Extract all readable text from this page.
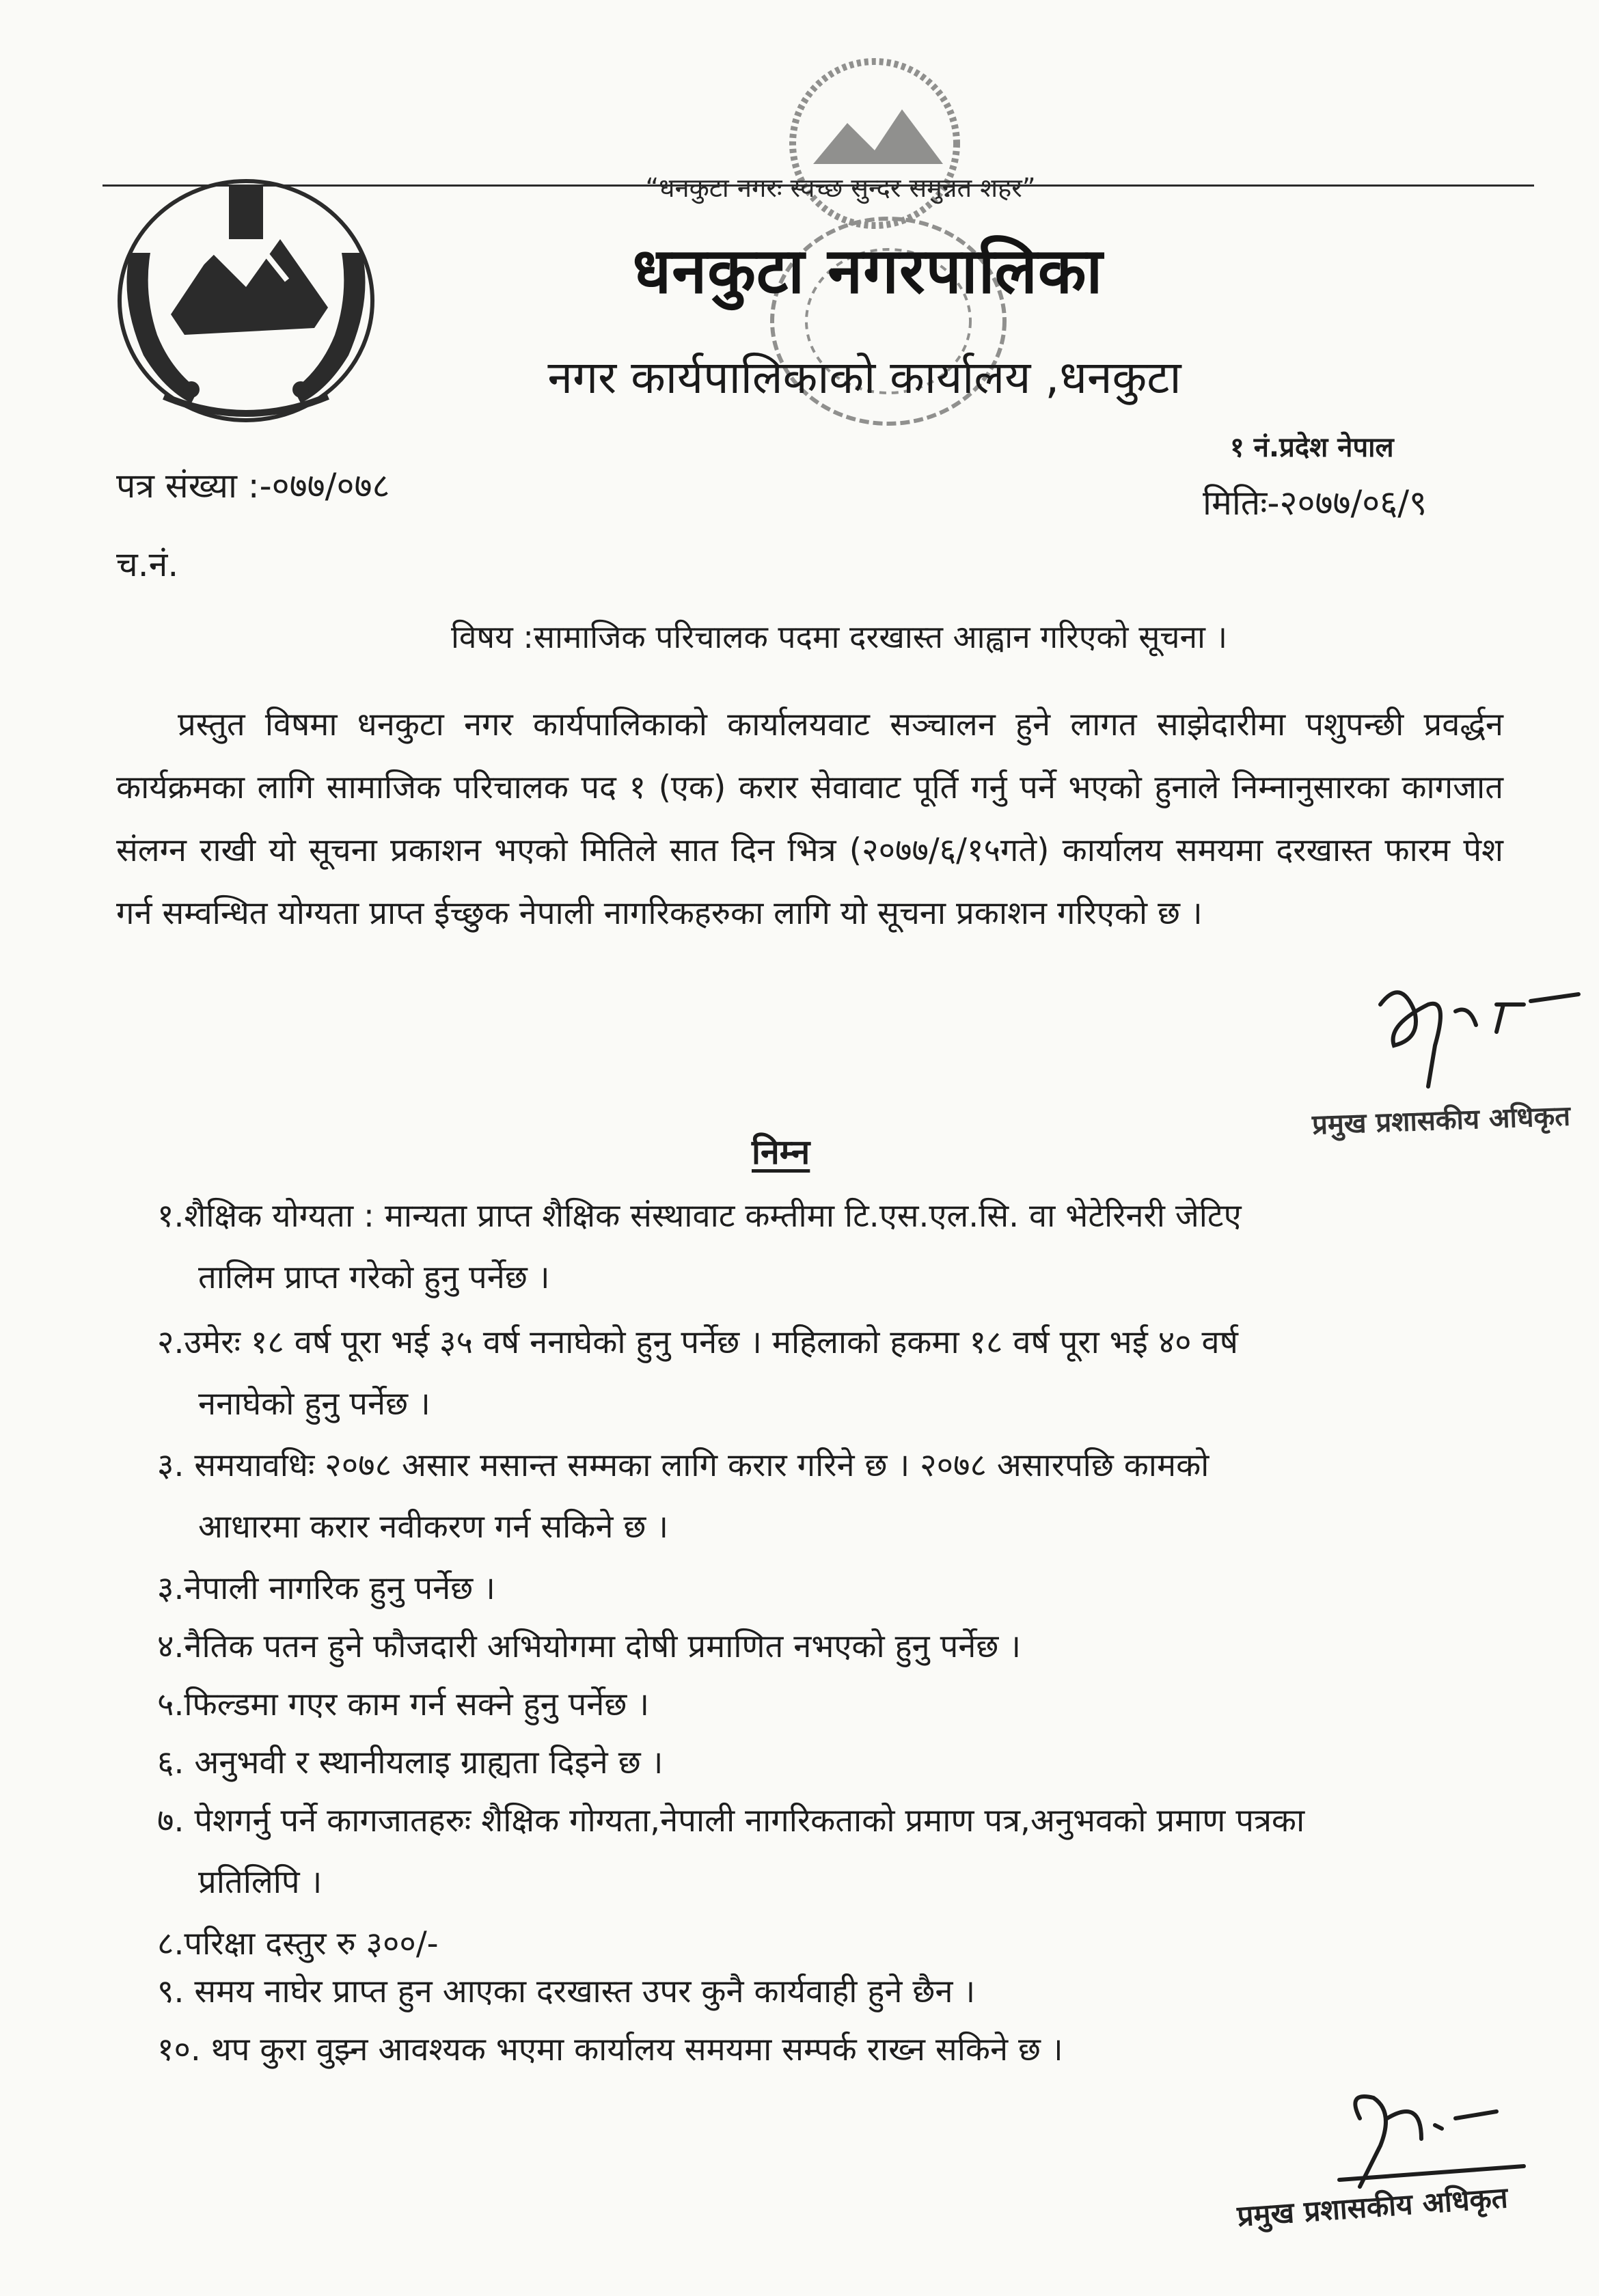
“धनकुटा नगरः स्वच्छ सुन्दर समुन्नत शहर”
धनकुटा नगरपालिका
नगर कार्यपालिकाको कार्यालय ,धनकुटा
१ नं.प्रदेश नेपाल
पत्र संख्या :-०७७/०७८	मितिः-२०७७/०६/९
च.नं.
विषय :सामाजिक परिचालक पदमा दरखास्त आह्वान गरिएको सूचना ।
प्रस्तुत विषमा धनकुटा नगर कार्यपालिकाको कार्यालयवाट सञ्चालन हुने लागत साझेदारीमा पशुपन्छी प्रवर्द्धन कार्यक्रमका लागि सामाजिक परिचालक पद १ (एक) करार सेवावाट पूर्ति गर्नु पर्ने भएको हुनाले निम्नानुसारका कागजात संलग्न राखी यो सूचना प्रकाशन भएको मितिले सात दिन भित्र (२०७७/६/१५गते) कार्यालय समयमा दरखास्त फारम पेश गर्न सम्वन्धित योग्यता प्राप्त ईच्छुक नेपाली नागरिकहरुका लागि यो सूचना प्रकाशन गरिएको छ ।
प्रमुख प्रशासकीय अधिकृत
निम्न
१.शैक्षिक योग्यता : मान्यता प्राप्त शैक्षिक संस्थावाट कम्तीमा टि.एस.एल.सि. वा भेटेरिनरी जेटिए
तालिम प्राप्त गरेको हुनु पर्नेछ ।
२.उमेरः १८ वर्ष पूरा भई ३५ वर्ष ननाघेको हुनु पर्नेछ । महिलाको हकमा १८ वर्ष पूरा भई ४० वर्ष
ननाघेको हुनु पर्नेछ ।
३. समयावधिः २०७८ असार मसान्त सम्मका लागि करार गरिने छ । २०७८ असारपछि कामको
आधारमा करार नवीकरण गर्न सकिने छ ।
३.नेपाली नागरिक हुनु पर्नेछ ।
४.नैतिक पतन हुने फौजदारी अभियोगमा दोषी प्रमाणित नभएको हुनु पर्नेछ ।
५.फिल्डमा गएर काम गर्न सक्ने हुनु पर्नेछ ।
६. अनुभवी र स्थानीयलाइ ग्राह्यता दिइने छ ।
७. पेशगर्नु पर्ने कागजातहरुः शैक्षिक गोग्यता,नेपाली नागरिकताको प्रमाण पत्र,अनुभवको प्रमाण पत्रका
प्रतिलिपि ।
८.परिक्षा दस्तुर रु ३००/-
९. समय नाघेर प्राप्त हुन आएका दरखास्त उपर कुनै कार्यवाही हुने छैन ।
१०. थप कुरा वुझ्न आवश्यक भएमा कार्यालय समयमा सम्पर्क राख्न सकिने छ ।
प्रमुख प्रशासकीय अधिकृत
